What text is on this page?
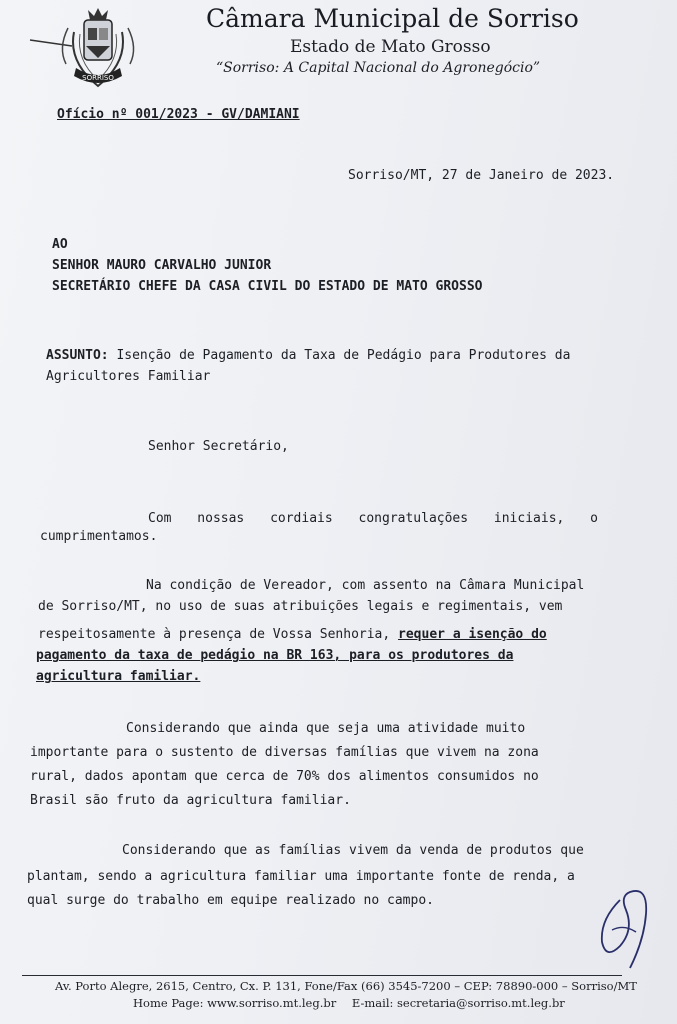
SORRISO
Câmara Municipal de Sorriso
Estado de Mato Grosso
“Sorriso: A Capital Nacional do Agronegócio”
Ofício nº 001/2023 - GV/DAMIANI
Sorriso/MT, 27 de Janeiro de 2023.
AO
SENHOR MAURO CARVALHO JUNIOR
SECRETÁRIO CHEFE DA CASA CIVIL DO ESTADO DE MATO GROSSO
ASSUNTO: Isenção de Pagamento da Taxa de Pedágio para Produtores da
Agricultores Familiar
Senhor Secretário,
Com nossas cordiais congratulações iniciais, o
cumprimentamos.
Na condição de Vereador, com assento na Câmara Municipal
de Sorriso/MT, no uso de suas atribuições legais e regimentais, vem
respeitosamente à presença de Vossa Senhoria, requer a isenção do
pagamento da taxa de pedágio na BR 163, para os produtores da
agricultura familiar.
Considerando que ainda que seja uma atividade muito
importante para o sustento de diversas famílias que vivem na zona
rural, dados apontam que cerca de 70% dos alimentos consumidos no
Brasil são fruto da agricultura familiar.
Considerando que as famílias vivem da venda de produtos que
plantam, sendo a agricultura familiar uma importante fonte de renda, a
qual surge do trabalho em equipe realizado no campo.
Av. Porto Alegre, 2615, Centro, Cx. P. 131, Fone/Fax (66) 3545-7200 – CEP: 78890-000 – Sorriso/MT
Home Page: www.sorriso.mt.leg.br E-mail: secretaria@sorriso.mt.leg.br
